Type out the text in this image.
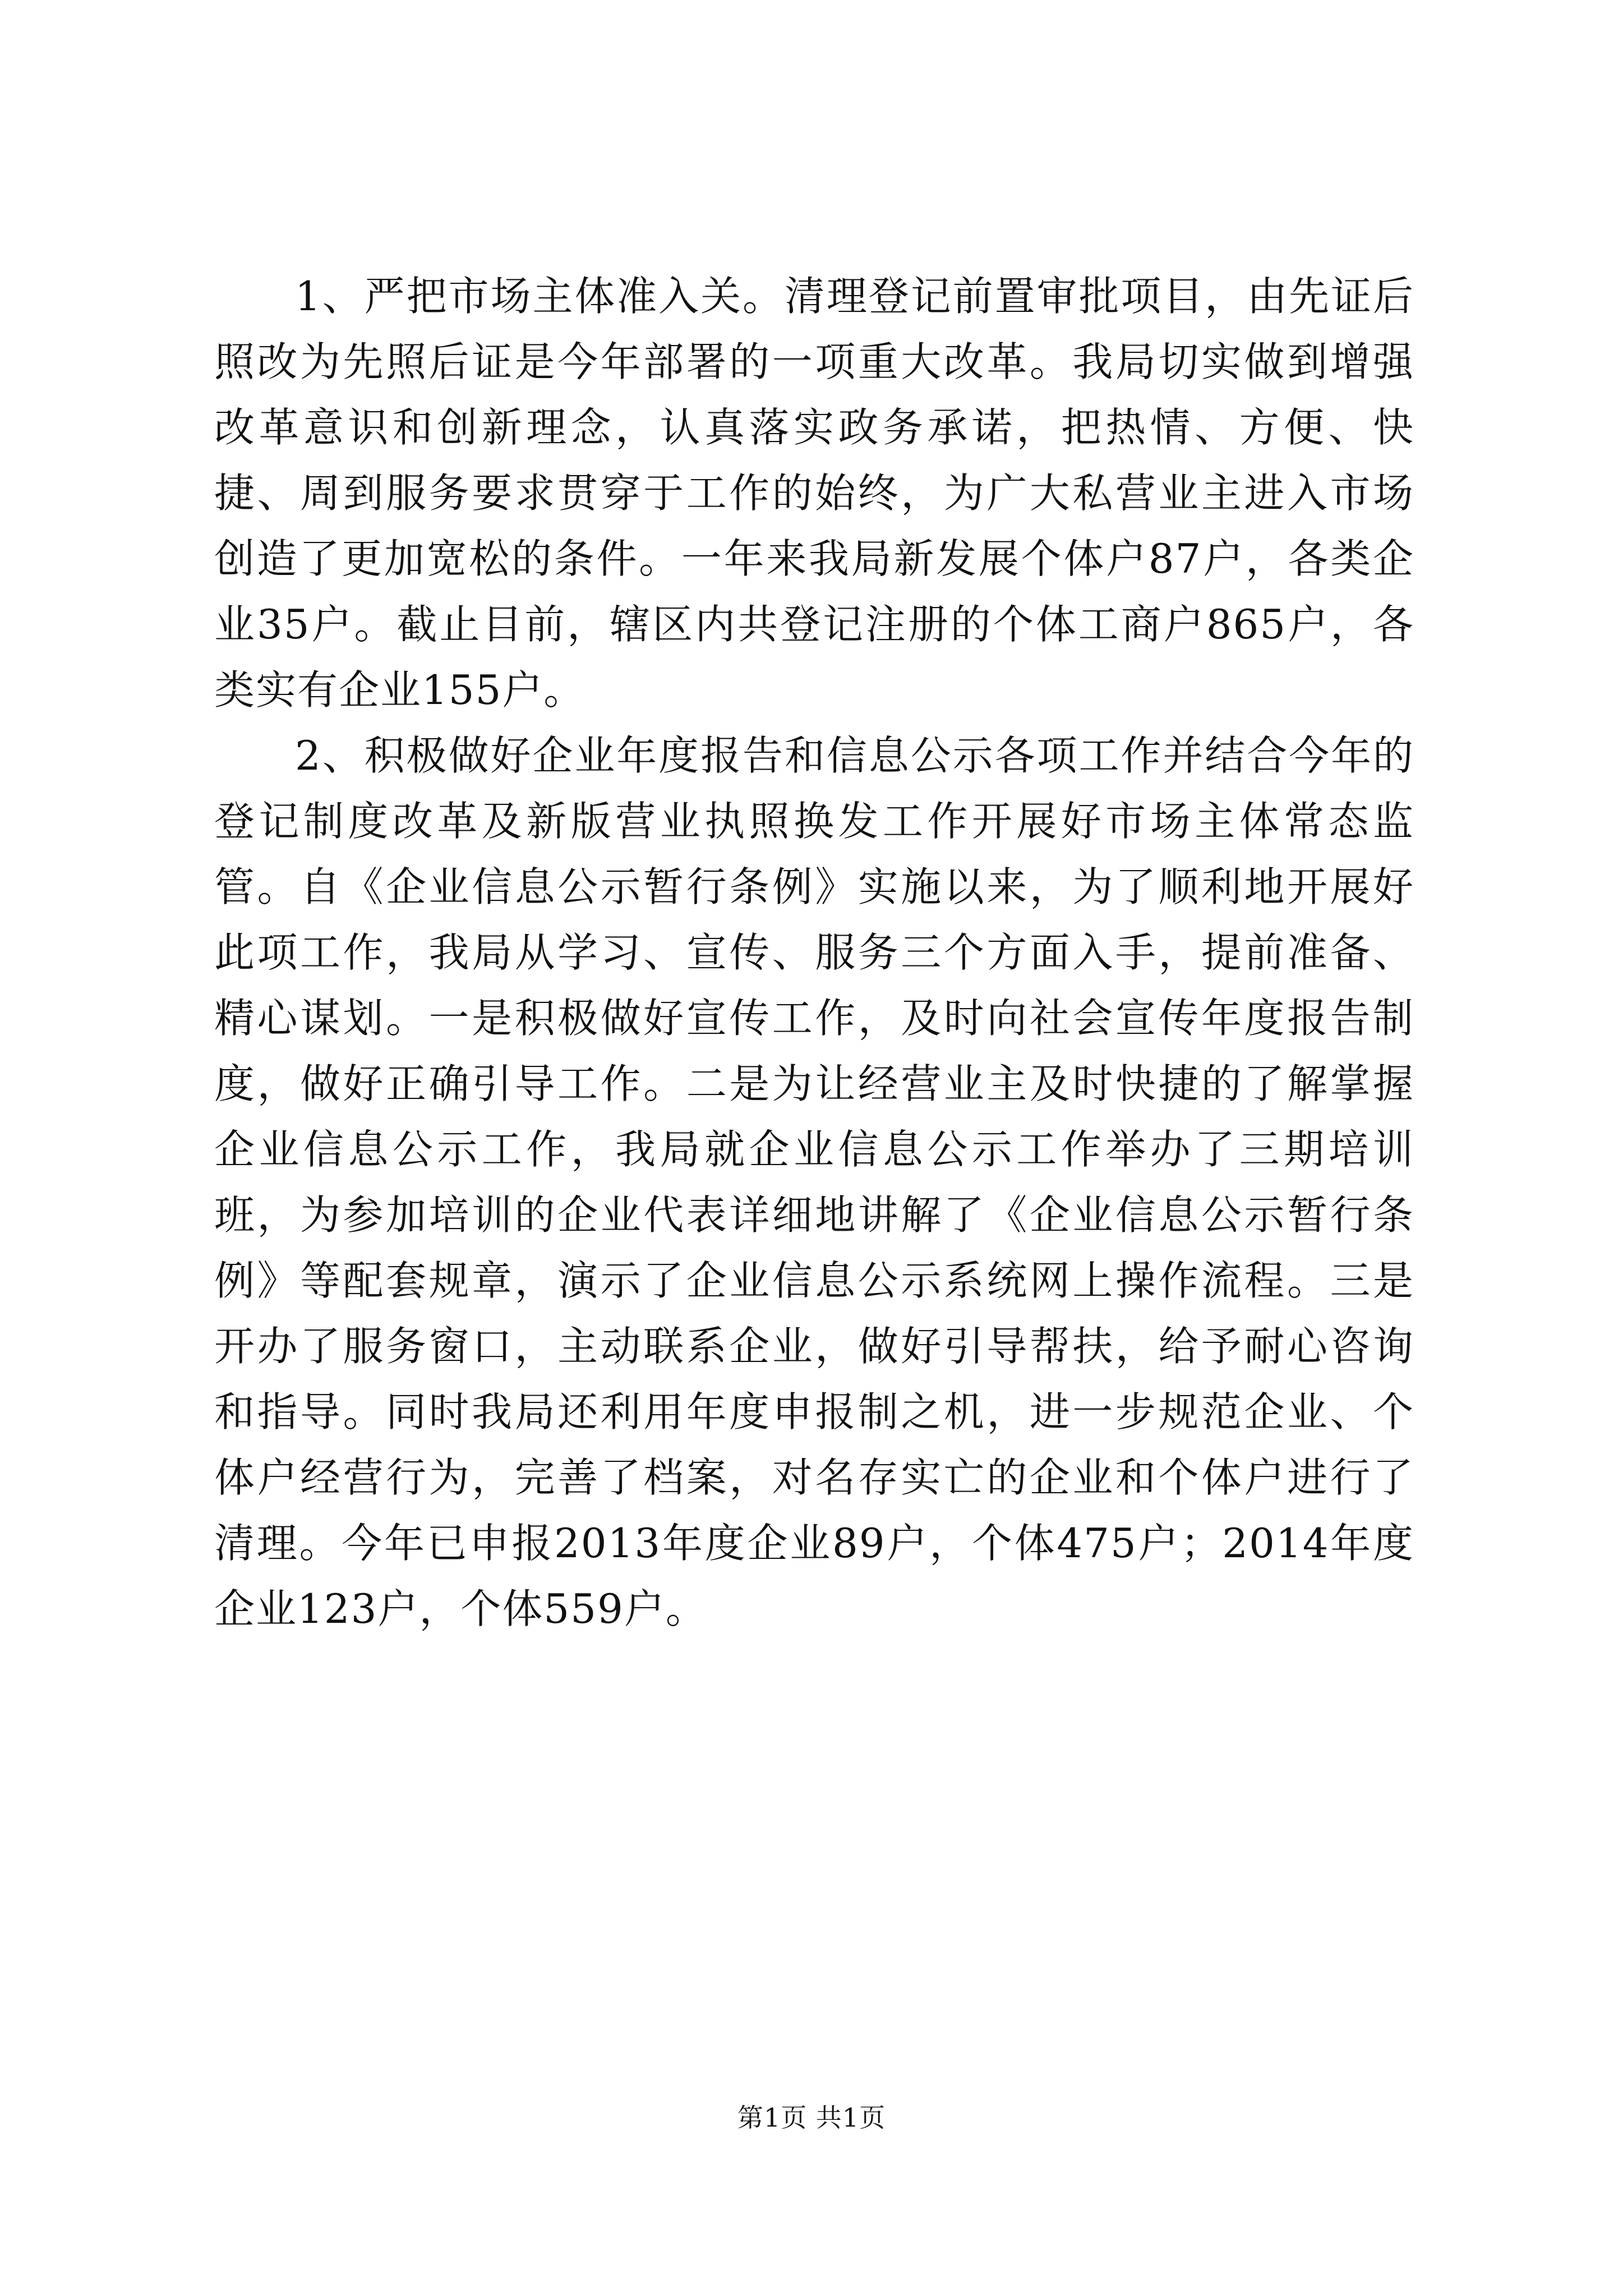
1、严把市场主体准入关。清理登记前置审批项目，由先证后照改为先照后证是今年部署的一项重大改革。我局切实做到增强改革意识和创新理念，认真落实政务承诺，把热情、方便、快捷、周到服务要求贯穿于工作的始终，为广大私营业主进入市场创造了更加宽松的条件。一年来我局新发展个体户87户，各类企业35户。截止目前，辖区内共登记注册的个体工商户865户，各类实有企业155户。

2、积极做好企业年度报告和信息公示各项工作并结合今年的登记制度改革及新版营业执照换发工作开展好市场主体常态监管。自《企业信息公示暂行条例》实施以来，为了顺利地开展好此项工作，我局从学习、宣传、服务三个方面入手，提前准备、精心谋划。一是积极做好宣传工作，及时向社会宣传年度报告制度，做好正确引导工作。二是为让经营业主及时快捷的了解掌握企业信息公示工作，我局就企业信息公示工作举办了三期培训班，为参加培训的企业代表详细地讲解了《企业信息公示暂行条例》等配套规章，演示了企业信息公示系统网上操作流程。三是开办了服务窗口，主动联系企业，做好引导帮扶，给予耐心咨询和指导。同时我局还利用年度申报制之机，进一步规范企业、个体户经营行为，完善了档案，对名存实亡的企业和个体户进行了清理。今年已申报2013年度企业89户，个体475户；2014年度企业123户，个体559户。

第1页 共1页
